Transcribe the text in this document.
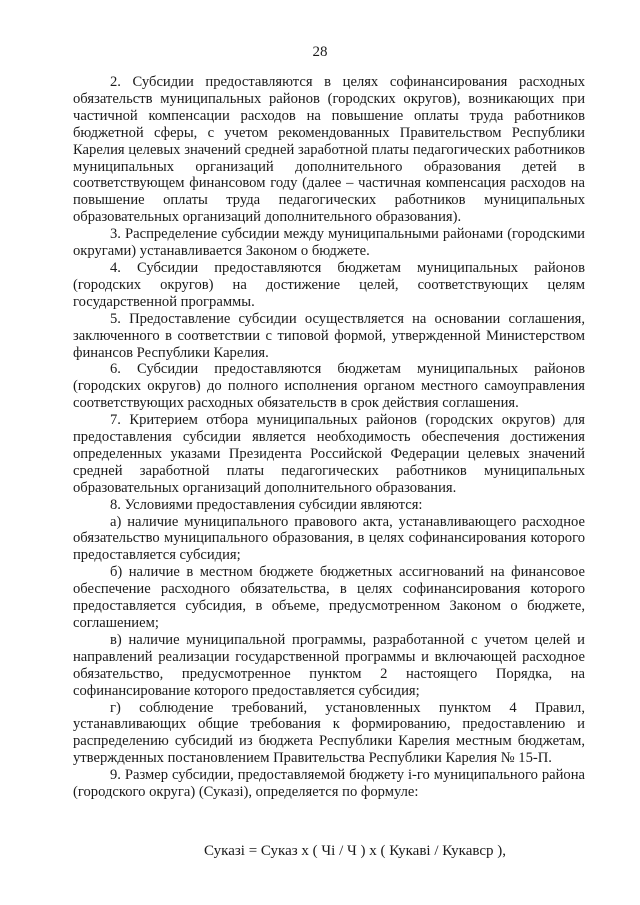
28

2. Субсидии предоставляются в целях софинансирования расходных обязательств муниципальных районов (городских округов), возникающих при частичной компенсации расходов на повышение оплаты труда работников бюджетной сферы, с учетом рекомендованных Правительством Республики Карелия целевых значений средней заработной платы педагогических работников муниципальных организаций дополнительного образования детей в соответствующем финансовом году (далее – частичная компенсация расходов на повышение оплаты труда педагогических работников муниципальных образовательных организаций дополнительного образования).

3. Распределение субсидии между муниципальными районами (городскими округами) устанавливается Законом о бюджете.

4. Субсидии предоставляются бюджетам муниципальных районов (городских округов) на достижение целей, соответствующих целям государственной программы.

5. Предоставление субсидии осуществляется на основании соглашения, заключенного в соответствии с типовой формой, утвержденной Министерством финансов Республики Карелия.

6. Субсидии предоставляются бюджетам муниципальных районов (городских округов) до полного исполнения органом местного самоуправления соответствующих расходных обязательств в срок действия соглашения.

7. Критерием отбора муниципальных районов (городских округов) для предоставления субсидии является необходимость обеспечения достижения определенных указами Президента Российской Федерации целевых значений средней заработной платы педагогических работников муниципальных образовательных организаций дополнительного образования.

8. Условиями предоставления субсидии являются:

а) наличие муниципального правового акта, устанавливающего расходное обязательство муниципального образования, в целях софинансирования которого предоставляется субсидия;

б) наличие в местном бюджете бюджетных ассигнований на финансовое обеспечение расходного обязательства, в целях софинансирования которого предоставляется субсидия, в объеме, предусмотренном Законом о бюджете, соглашением;

в) наличие муниципальной программы, разработанной с учетом целей и направлений реализации государственной программы и включающей расходное обязательство, предусмотренное пунктом 2 настоящего Порядка, на софинансирование которого предоставляется субсидия;

г) соблюдение требований, установленных пунктом 4 Правил, устанавливающих общие требования к формированию, предоставлению и распределению субсидий из бюджета Республики Карелия местным бюджетам, утвержденных постановлением Правительства Республики Карелия № 15-П.

9. Размер субсидии, предоставляемой бюджету i-го муниципального района (городского округа) (Суказі), определяется по формуле:

Суказі = Суказ х ( Чі / Ч ) х ( Кукаві / Кукавср ),
